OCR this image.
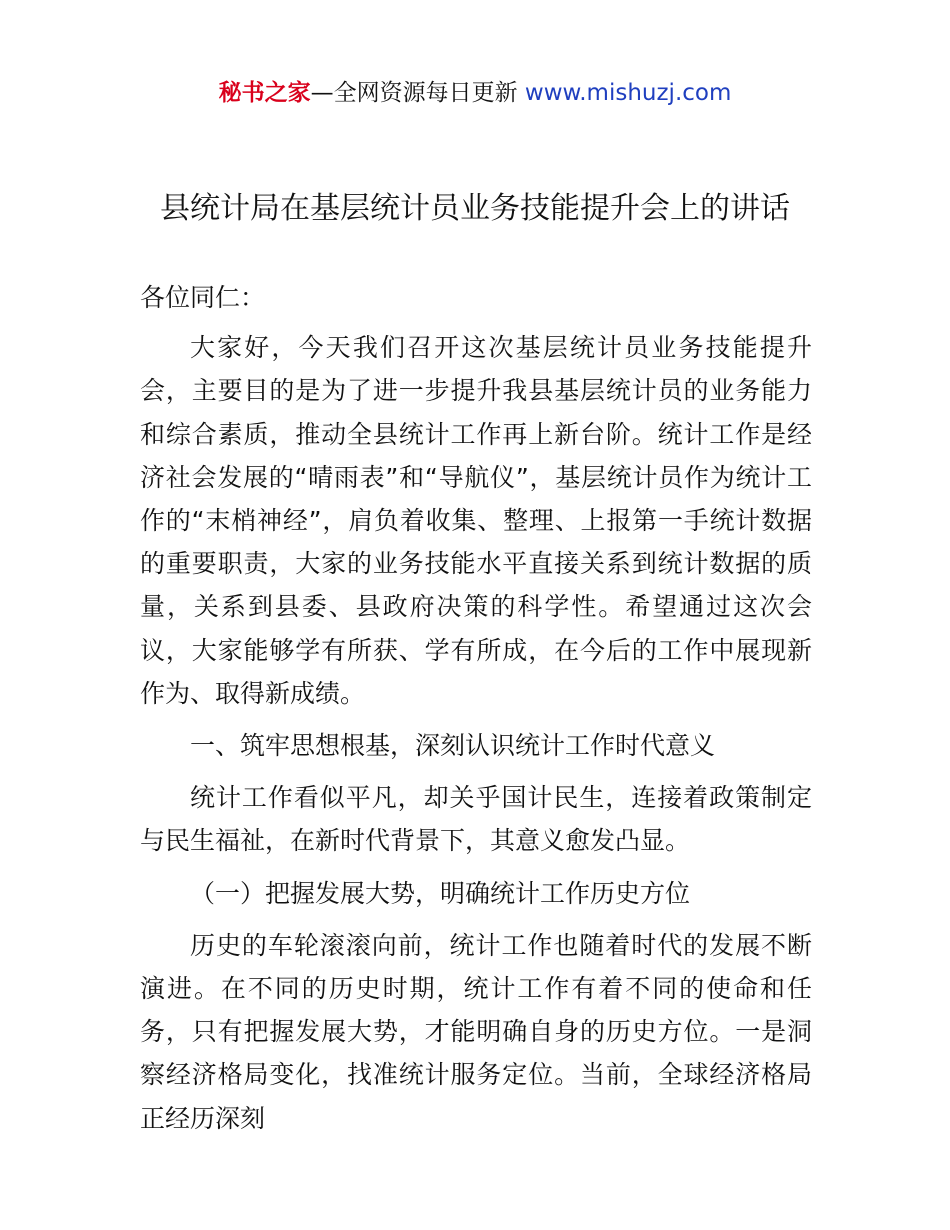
秘书之家—全网资源每日更新 www.mishuzj.com
县统计局在基层统计员业务技能提升会上的讲话

各位同仁：

大家好，今天我们召开这次基层统计员业务技能提升会，主要目的是为了进一步提升我县基层统计员的业务能力和综合素质，推动全县统计工作再上新台阶。统计工作是经济社会发展的“晴雨表”和“导航仪”，基层统计员作为统计工作的“末梢神经”，肩负着收集、整理、上报第一手统计数据的重要职责，大家的业务技能水平直接关系到统计数据的质量，关系到县委、县政府决策的科学性。希望通过这次会议，大家能够学有所获、学有所成，在今后的工作中展现新作为、取得新成绩。

一、筑牢思想根基，深刻认识统计工作时代意义

统计工作看似平凡，却关乎国计民生，连接着政策制定与民生福祉，在新时代背景下，其意义愈发凸显。

（一）把握发展大势，明确统计工作历史方位

历史的车轮滚滚向前，统计工作也随着时代的发展不断演进。在不同的历史时期，统计工作有着不同的使命和任务，只有把握发展大势，才能明确自身的历史方位。一是洞察经济格局变化，找准统计服务定位。当前，全球经济格局正经历深刻
